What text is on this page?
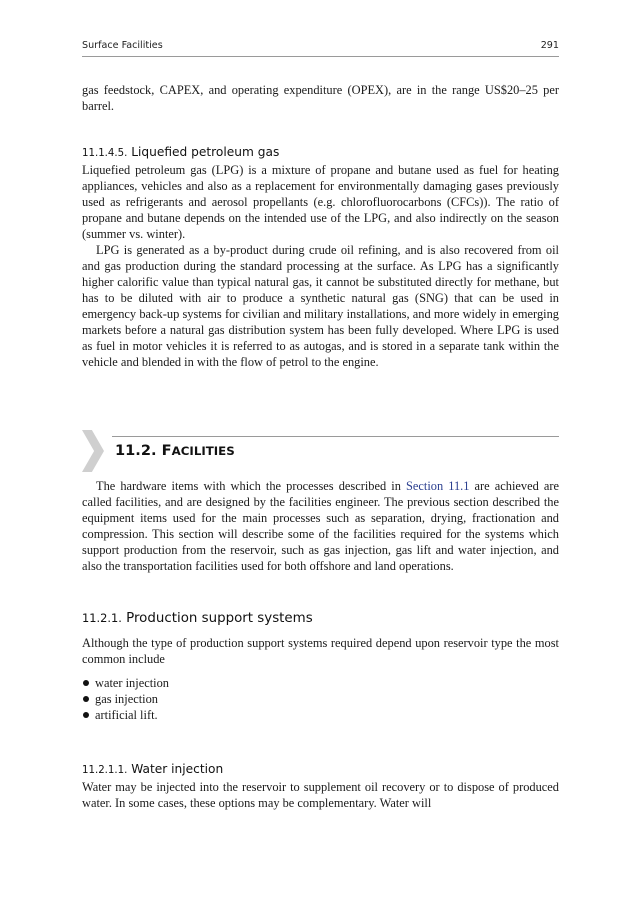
Surface Facilities	291

gas feedstock, CAPEX, and operating expenditure (OPEX), are in the range US$20–25 per barrel.

11.1.4.5. Liquefied petroleum gas

Liquefied petroleum gas (LPG) is a mixture of propane and butane used as fuel for heating appliances, vehicles and also as a replacement for environmentally damaging gases previously used as refrigerants and aerosol propellants (e.g. chlorofluorocarbons (CFCs)). The ratio of propane and butane depends on the intended use of the LPG, and also indirectly on the season (summer vs. winter).

LPG is generated as a by-product during crude oil refining, and is also recovered from oil and gas production during the standard processing at the surface. As LPG has a significantly higher calorific value than typical natural gas, it cannot be substituted directly for methane, but has to be diluted with air to produce a synthetic natural gas (SNG) that can be used in emergency back-up systems for civilian and military installations, and more widely in emerging markets before a natural gas distribution system has been fully developed. Where LPG is used as fuel in motor vehicles it is referred to as autogas, and is stored in a separate tank within the vehicle and blended in with the flow of petrol to the engine.

11.2. FACILITIES

The hardware items with which the processes described in Section 11.1 are achieved are called facilities, and are designed by the facilities engineer. The previous section described the equipment items used for the main processes such as separation, drying, fractionation and compression. This section will describe some of the facilities required for the systems which support production from the reservoir, such as gas injection, gas lift and water injection, and also the transportation facilities used for both offshore and land operations.

11.2.1. Production support systems

Although the type of production support systems required depend upon reservoir type the most common include

water injection
gas injection
artificial lift.

11.2.1.1. Water injection

Water may be injected into the reservoir to supplement oil recovery or to dispose of produced water. In some cases, these options may be complementary. Water will
